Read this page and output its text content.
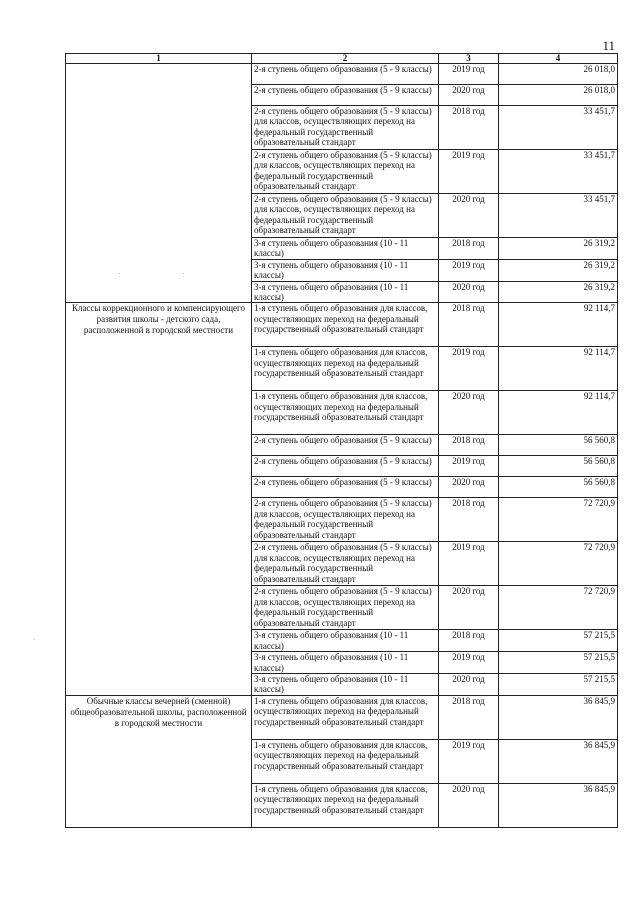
11
1	2	3	4
	2-я ступень общего образования (5 - 9 классы)	2019 год	26 018,0
	2-я ступень общего образования (5 - 9 классы)	2020 год	26 018,0
	2-я ступень общего образования (5 - 9 классы) для классов, осуществляющих переход на федеральный государственный образовательный стандарт	2018 год	33 451,7
	2-я ступень общего образования (5 - 9 классы) для классов, осуществляющих переход на федеральный государственный образовательный стандарт	2019 год	33 451,7
	2-я ступень общего образования (5 - 9 классы) для классов, осуществляющих переход на федеральный государственный образовательный стандарт	2020 год	33 451,7
	3-я ступень общего образования (10 - 11 классы)	2018 год	26 319,2
	3-я ступень общего образования (10 - 11 классы)	2019 год	26 319,2
	3-я ступень общего образования (10 - 11 классы)	2020 год	26 319,2
Классы коррекционного и компенсирующего развития школы - детского сада, расположенной в городской местности	1-я ступень общего образования для классов, осуществляющих переход на федеральный государственный образовательный стандарт	2018 год	92 114,7
	1-я ступень общего образования для классов, осуществляющих переход на федеральный государственный образовательный стандарт	2019 год	92 114,7
	1-я ступень общего образования для классов, осуществляющих переход на федеральный государственный образовательный стандарт	2020 год	92 114,7
	2-я ступень общего образования (5 - 9 классы)	2018 год	56 560,8
	2-я ступень общего образования (5 - 9 классы)	2019 год	56 560,8
	2-я ступень общего образования (5 - 9 классы)	2020 год	56 560,8
	2-я ступень общего образования (5 - 9 классы) для классов, осуществляющих переход на федеральный государственный образовательный стандарт	2018 год	72 720,9
	2-я ступень общего образования (5 - 9 классы) для классов, осуществляющих переход на федеральный государственный образовательный стандарт	2019 год	72 720,9
	2-я ступень общего образования (5 - 9 классы) для классов, осуществляющих переход на федеральный государственный образовательный стандарт	2020 год	72 720,9
	3-я ступень общего образования (10 - 11 классы)	2018 год	57 215,5
	3-я ступень общего образования (10 - 11 классы)	2019 год	57 215,5
	3-я ступень общего образования (10 - 11 классы)	2020 год	57 215,5
Обычные классы вечерней (сменной) общеобразовательной школы, расположенной в городской местности	1-я ступень общего образования для классов, осуществляющих переход на федеральный государственный образовательный стандарт	2018 год	36 845,9
	1-я ступень общего образования для классов, осуществляющих переход на федеральный государственный образовательный стандарт	2019 год	36 845,9
	1-я ступень общего образования для классов, осуществляющих переход на федеральный государственный образовательный стандарт	2020 год	36 845,9
·	·
·
